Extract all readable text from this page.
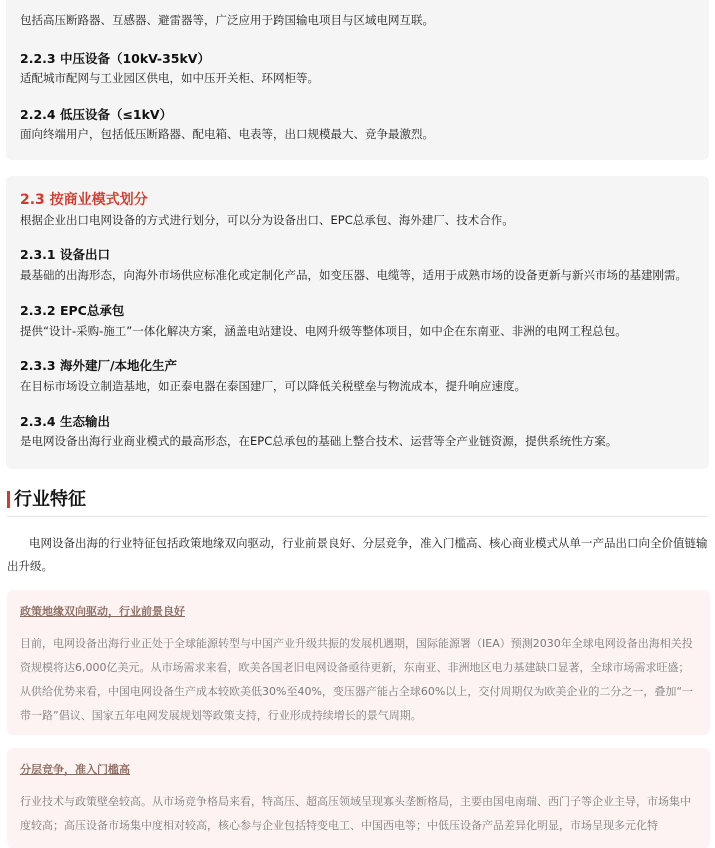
包括高压断路器、互感器、避雷器等，广泛应用于跨国输电项目与区域电网互联。
2.2.3 中压设备（10kV-35kV）
适配城市配网与工业园区供电，如中压开关柜、环网柜等。
2.2.4 低压设备（≤1kV）
面向终端用户，包括低压断路器、配电箱、电表等，出口规模最大、竞争最激烈。
2.3 按商业模式划分
根据企业出口电网设备的方式进行划分，可以分为设备出口、EPC总承包、海外建厂、技术合作。
2.3.1 设备出口
最基础的出海形态，向海外市场供应标准化或定制化产品，如变压器、电缆等，适用于成熟市场的设备更新与新兴市场的基建刚需。
2.3.2 EPC总承包
提供“设计-采购-施工”一体化解决方案，涵盖电站建设、电网升级等整体项目，如中企在东南亚、非洲的电网工程总包。
2.3.3 海外建厂/本地化生产
在目标市场设立制造基地，如正泰电器在泰国建厂，可以降低关税壁垒与物流成本，提升响应速度。
2.3.4 生态输出
是电网设备出海行业商业模式的最高形态，在EPC总承包的基础上整合技术、运营等全产业链资源，提供系统性方案。
行业特征
电网设备出海的行业特征包括政策地缘双向驱动，行业前景良好、分层竞争，准入门槛高、核心商业模式从单一产品出口向全价值链输出升级。
政策地缘双向驱动，行业前景良好
目前，电网设备出海行业正处于全球能源转型与中国产业升级共振的发展机遇期，国际能源署（IEA）预测2030年全球电网设备出海相关投资规模将达6,000亿美元。从市场需求来看，欧美各国老旧电网设备亟待更新，东南亚、非洲地区电力基建缺口显著，全球市场需求旺盛；从供给优势来看，中国电网设备生产成本较欧美低30%至40%，变压器产能占全球60%以上，交付周期仅为欧美企业的二分之一，叠加“一带一路”倡议、国家五年电网发展规划等政策支持，行业形成持续增长的景气周期。
分层竞争，准入门槛高
行业技术与政策壁垒较高。从市场竞争格局来看，特高压、超高压领域呈现寡头垄断格局，主要由国电南瑞、西门子等企业主导，市场集中度较高；高压设备市场集中度相对较高，核心参与企业包括特变电工、中国西电等；中低压设备产品差异化明显，市场呈现多元化特
